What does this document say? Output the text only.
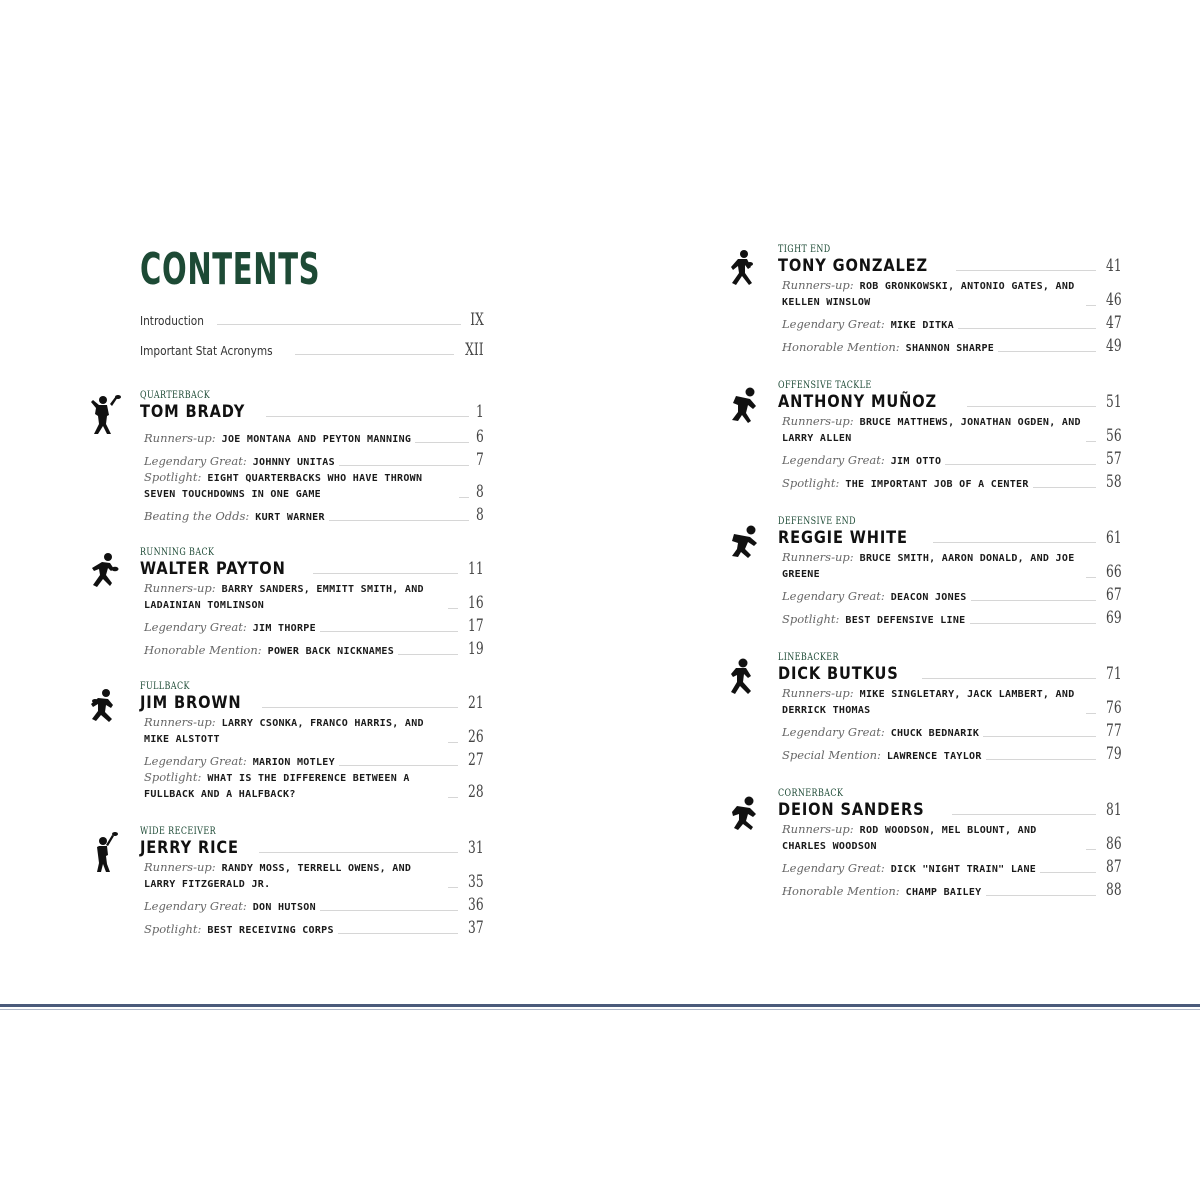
CONTENTS
Introduction	IX
Important Stat Acronyms	XII
QUARTERBACK
TOM BRADY	1
Runners-up: JOE MONTANA AND PEYTON MANNING	6
Legendary Great: JOHNNY UNITAS	7
Spotlight: EIGHT QUARTERBACKS WHO HAVE THROWN SEVEN TOUCHDOWNS IN ONE GAME	8
Beating the Odds: KURT WARNER	8
RUNNING BACK
WALTER PAYTON	11
Runners-up: BARRY SANDERS, EMMITT SMITH, AND LADAINIAN TOMLINSON	16
Legendary Great: JIM THORPE	17
Honorable Mention: POWER BACK NICKNAMES	19
FULLBACK
JIM BROWN	21
Runners-up: LARRY CSONKA, FRANCO HARRIS, AND MIKE ALSTOTT	26
Legendary Great: MARION MOTLEY	27
Spotlight: WHAT IS THE DIFFERENCE BETWEEN A FULLBACK AND A HALFBACK?	28
WIDE RECEIVER
JERRY RICE	31
Runners-up: RANDY MOSS, TERRELL OWENS, AND LARRY FITZGERALD JR.	35
Legendary Great: DON HUTSON	36
Spotlight: BEST RECEIVING CORPS	37
TIGHT END
TONY GONZALEZ	41
Runners-up: ROB GRONKOWSKI, ANTONIO GATES, AND KELLEN WINSLOW	46
Legendary Great: MIKE DITKA	47
Honorable Mention: SHANNON SHARPE	49
OFFENSIVE TACKLE
ANTHONY MUÑOZ	51
Runners-up: BRUCE MATTHEWS, JONATHAN OGDEN, AND LARRY ALLEN	56
Legendary Great: JIM OTTO	57
Spotlight: THE IMPORTANT JOB OF A CENTER	58
DEFENSIVE END
REGGIE WHITE	61
Runners-up: BRUCE SMITH, AARON DONALD, AND JOE GREENE	66
Legendary Great: DEACON JONES	67
Spotlight: BEST DEFENSIVE LINE	69
LINEBACKER
DICK BUTKUS	71
Runners-up: MIKE SINGLETARY, JACK LAMBERT, AND DERRICK THOMAS	76
Legendary Great: CHUCK BEDNARIK	77
Special Mention: LAWRENCE TAYLOR	79
CORNERBACK
DEION SANDERS	81
Runners-up: ROD WOODSON, MEL BLOUNT, AND CHARLES WOODSON	86
Legendary Great: DICK "NIGHT TRAIN" LANE	87
Honorable Mention: CHAMP BAILEY	88
